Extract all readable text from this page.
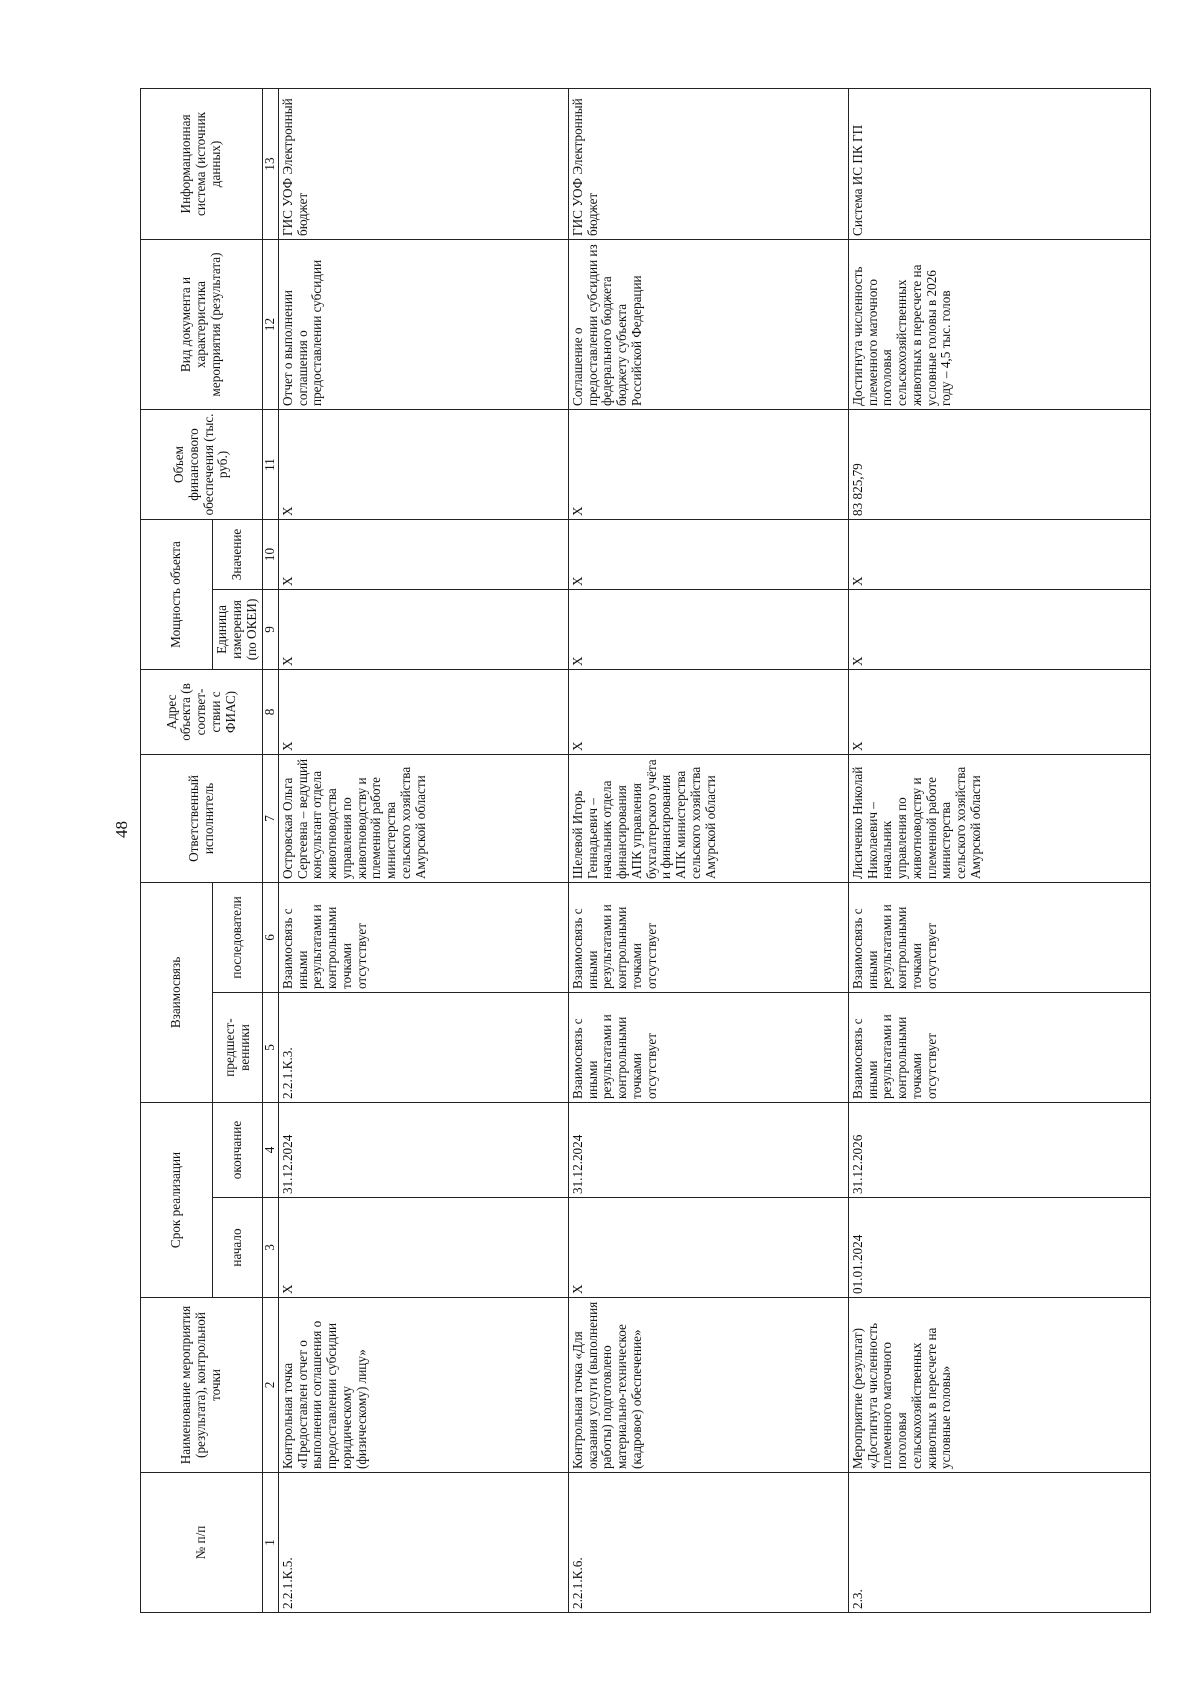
48
№ п/п	Наименование мероприятия (результата), контрольной точки	Срок реализации		Взаимосвязь		Ответственный исполнитель	Адрес объекта (в соответ-ствии с ФИАС)	Мощность объекта		Объем финансового обеспечения (тыс. руб.)	Вид документа и характеристика мероприятия (результата)	Информационная система (источник данных)
		начало	окончание	предшест-венники	последователи			Единица измерения (по ОКЕИ)	Значение			
1	2	3	4	5	6	7	8	9	10	11	12	13
2.2.1.К.5.	Контрольная точка «Предоставлен отчет о выполнении соглашения о предоставлении субсидии юридическому (физическому) лицу»	X	31.12.2024	2.2.1.К.3.	Взаимосвязь с иными результатами и контрольными точками отсутствует	Островская Ольга Сергеевна – ведущий консультант отдела животноводства управления по животноводству и племенной работе министерства сельского хозяйства Амурской области	X	X	X	X	Отчет о выполнении соглашения о предоставлении субсидии	ГИС УОФ Электронный бюджет
2.2.1.К.6.	Контрольная точка «Для оказания услуги (выполнения работы) подготовлено материально-техническое (кадровое) обеспечение»	X	31.12.2024	Взаимосвязь с иными результатами и контрольными точками отсутствует	Взаимосвязь с иными результатами и контрольными точками отсутствует	Шелевой Игорь Геннадьевич – начальник отдела финансирования АПК управления бухгалтерского учёта и финансирования АПК министерства сельского хозяйства Амурской области	X	X	X	X	Соглашение о предоставлении субсидии из федерального бюджета бюджету субъекта Российской Федерации	ГИС УОФ Электронный бюджет
2.3.	Мероприятие (результат) «Достигнута численность племенного маточного поголовья сельскохозяйственных животных в пересчете на условные головы»	01.01.2024	31.12.2026	Взаимосвязь с иными результатами и контрольными точками отсутствует	Взаимосвязь с иными результатами и контрольными точками отсутствует	Лисиченко Николай Николаевич – начальник управления по животноводству и племенной работе министерства сельского хозяйства Амурской области	X	X	X	83 825,79	Достигнута численность племенного маточного поголовья сельскохозяйственных животных в пересчете на условные головы в 2026 году – 4,5 тыс. голов	Система ИС ПК ГП
